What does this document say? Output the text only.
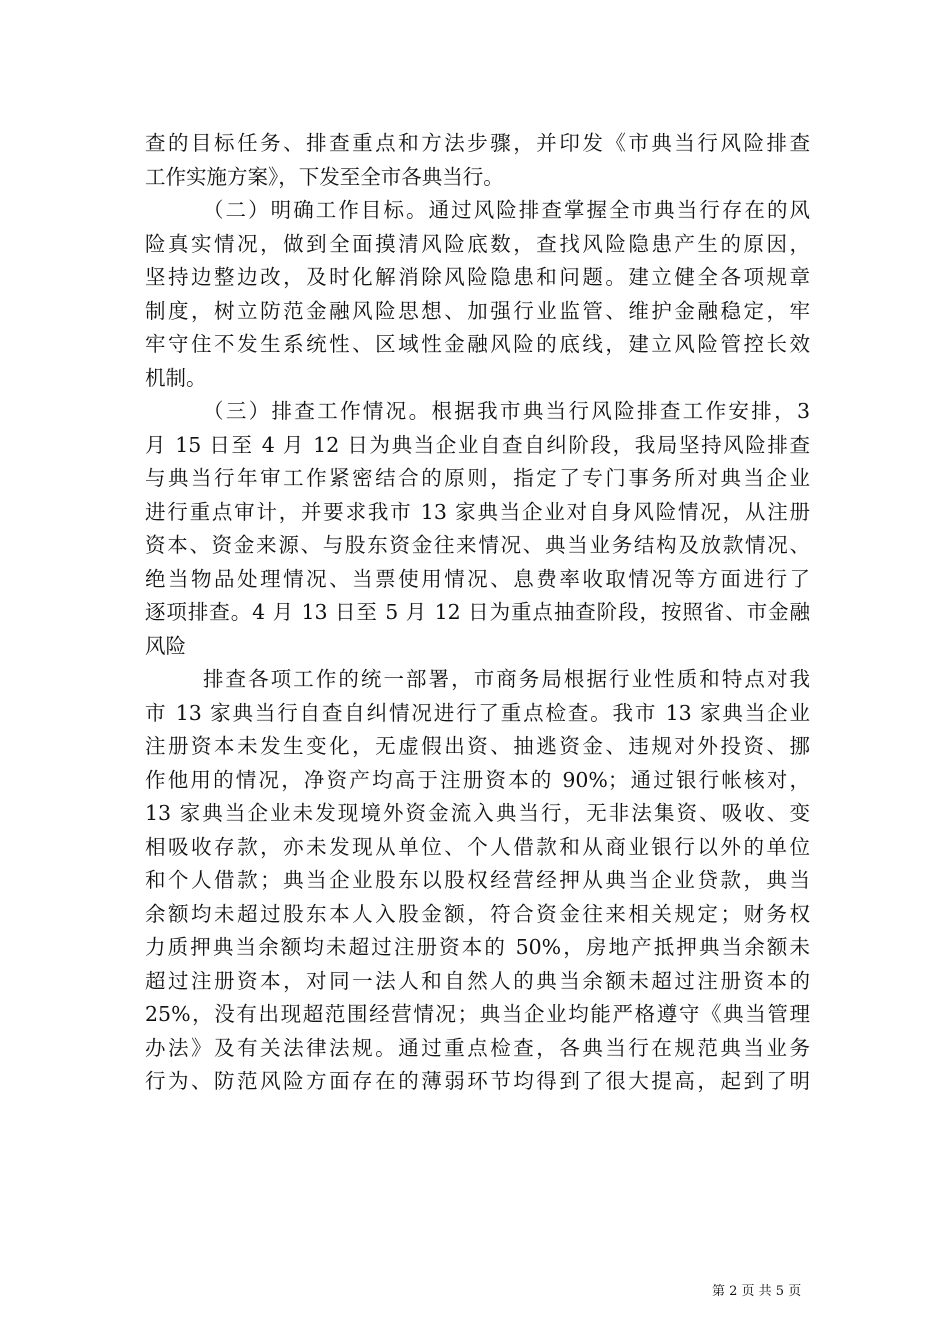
查的目标任务、排查重点和方法步骤，并印发《市典当行风险排查
工作实施方案》，下发至全市各典当行。
（二）明确工作目标。通过风险排查掌握全市典当行存在的风
险真实情况，做到全面摸清风险底数，查找风险隐患产生的原因，
坚持边整边改，及时化解消除风险隐患和问题。建立健全各项规章
制度，树立防范金融风险思想、加强行业监管、维护金融稳定，牢
牢守住不发生系统性、区域性金融风险的底线，建立风险管控长效
机制。
（三）排查工作情况。根据我市典当行风险排查工作安排，3
月 15 日至 4 月 12 日为典当企业自查自纠阶段，我局坚持风险排查
与典当行年审工作紧密结合的原则，指定了专门事务所对典当企业
进行重点审计，并要求我市 13 家典当企业对自身风险情况，从注册
资本、资金来源、与股东资金往来情况、典当业务结构及放款情况、
绝当物品处理情况、当票使用情况、息费率收取情况等方面进行了
逐项排查。4 月 13 日至 5 月 12 日为重点抽查阶段，按照省、市金融
风险
排查各项工作的统一部署，市商务局根据行业性质和特点对我
市 13 家典当行自查自纠情况进行了重点检查。我市 13 家典当企业
注册资本未发生变化，无虚假出资、抽逃资金、违规对外投资、挪
作他用的情况，净资产均高于注册资本的 90%；通过银行帐核对，
13 家典当企业未发现境外资金流入典当行，无非法集资、吸收、变
相吸收存款，亦未发现从单位、个人借款和从商业银行以外的单位
和个人借款；典当企业股东以股权经营经押从典当企业贷款，典当
余额均未超过股东本人入股金额，符合资金往来相关规定；财务权
力质押典当余额均未超过注册资本的 50%，房地产抵押典当余额未
超过注册资本，对同一法人和自然人的典当余额未超过注册资本的
25%，没有出现超范围经营情况；典当企业均能严格遵守《典当管理
办法》及有关法律法规。通过重点检查，各典当行在规范典当业务
行为、防范风险方面存在的薄弱环节均得到了很大提高，起到了明
第 2 页 共 5 页
